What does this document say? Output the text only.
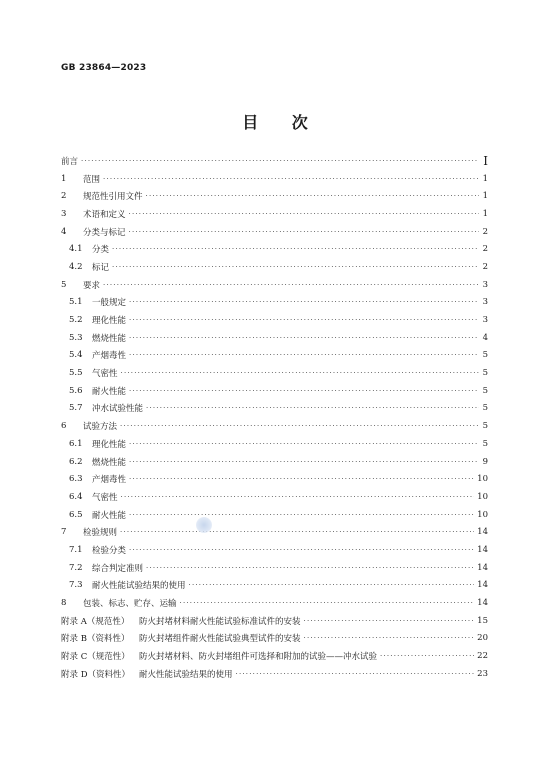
GB 23864—2023
目 次
前言 ·····	Ⅰ
1	范围 ·····	1
2	规范性引用文件 ·····	1
3	术语和定义 ·····	1
4	分类与标记 ·····	2
4.1	分类 ·····	2
4.2	标记 ·····	2
5	要求 ·····	3
5.1	一般规定 ·····	3
5.2	理化性能 ·····	3
5.3	燃烧性能 ·····	4
5.4	产烟毒性 ·····	5
5.5	气密性 ·····	5
5.6	耐火性能 ·····	5
5.7	冲水试验性能 ·····	5
6	试验方法 ·····	5
6.1	理化性能 ·····	5
6.2	燃烧性能 ·····	9
6.3	产烟毒性 ·····	10
6.4	气密性 ·····	10
6.5	耐火性能 ·····	10
7	检验规则 ·····	14
7.1	检验分类 ·····	14
7.2	综合判定准则 ·····	14
7.3	耐火性能试验结果的使用 ·····	14
8	包装、标志、贮存、运输 ·····	14
附录 A（规范性）	防火封堵材料耐火性能试验标准试件的安装 ·····	15
附录 B（资料性）	防火封堵组件耐火性能试验典型试件的安装 ·····	20
附录 C（规范性）	防火封堵材料、防火封堵组件可选择和附加的试验——冲水试验 ·····	22
附录 D（资料性）	耐火性能试验结果的使用 ·····	23
